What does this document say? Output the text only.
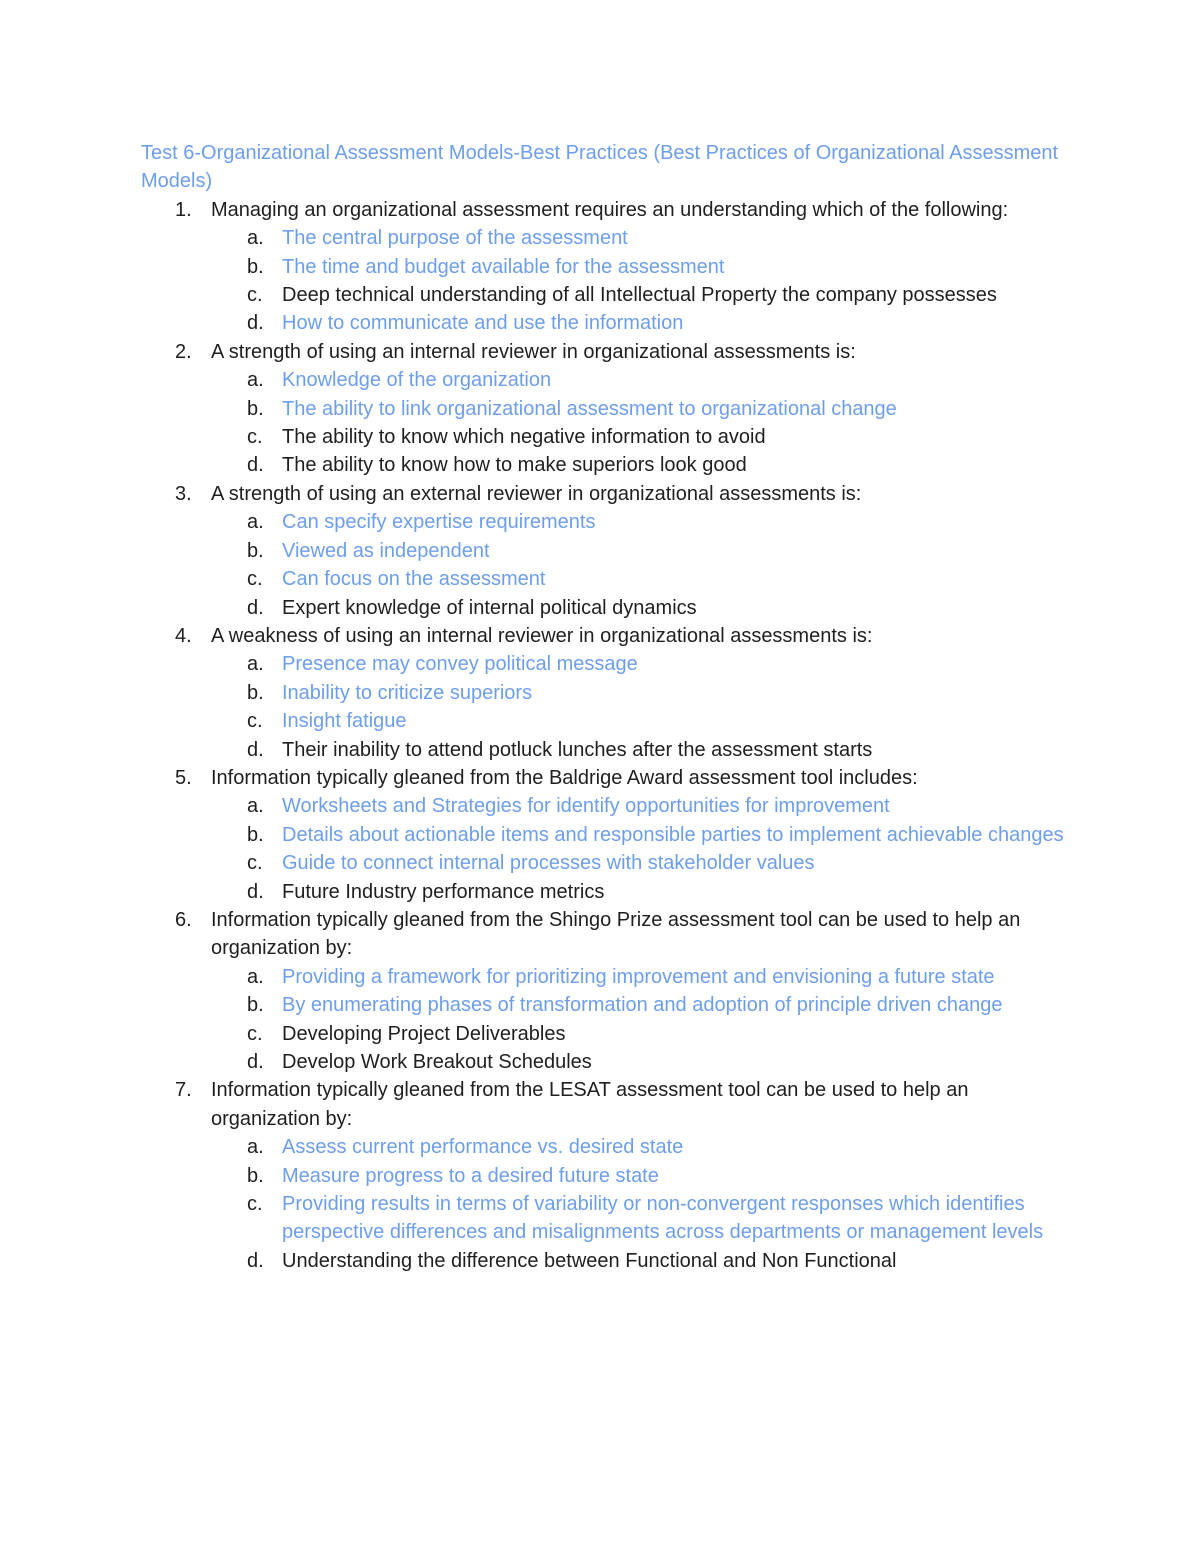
Test 6-Organizational Assessment Models-Best Practices (Best Practices of Organizational Assessment Models)
1. Managing an organizational assessment requires an understanding which of the following:
a. The central purpose of the assessment
b. The time and budget available for the assessment
c. Deep technical understanding of all Intellectual Property the company possesses
d. How to communicate and use the information
2. A strength of using an internal reviewer in organizational assessments is:
a. Knowledge of the organization
b. The ability to link organizational assessment to organizational change
c. The ability to know which negative information to avoid
d. The ability to know how to make superiors look good
3. A strength of using an external reviewer in organizational assessments is:
a. Can specify expertise requirements
b. Viewed as independent
c. Can focus on the assessment
d. Expert knowledge of internal political dynamics
4. A weakness of using an internal reviewer in organizational assessments is:
a. Presence may convey political message
b. Inability to criticize superiors
c. Insight fatigue
d. Their inability to attend potluck lunches after the assessment starts
5. Information typically gleaned from the Baldrige Award assessment tool includes:
a. Worksheets and Strategies for identify opportunities for improvement
b. Details about actionable items and responsible parties to implement achievable changes
c. Guide to connect internal processes with stakeholder values
d. Future Industry performance metrics
6. Information typically gleaned from the Shingo Prize assessment tool can be used to help an organization by:
a. Providing a framework for prioritizing improvement and envisioning a future state
b. By enumerating phases of transformation and adoption of principle driven change
c. Developing Project Deliverables
d. Develop Work Breakout Schedules
7. Information typically gleaned from the LESAT assessment tool can be used to help an organization by:
a. Assess current performance vs. desired state
b. Measure progress to a desired future state
c. Providing results in terms of variability or non-convergent responses which identifies perspective differences and misalignments across departments or management levels
d. Understanding the difference between Functional and Non Functional
